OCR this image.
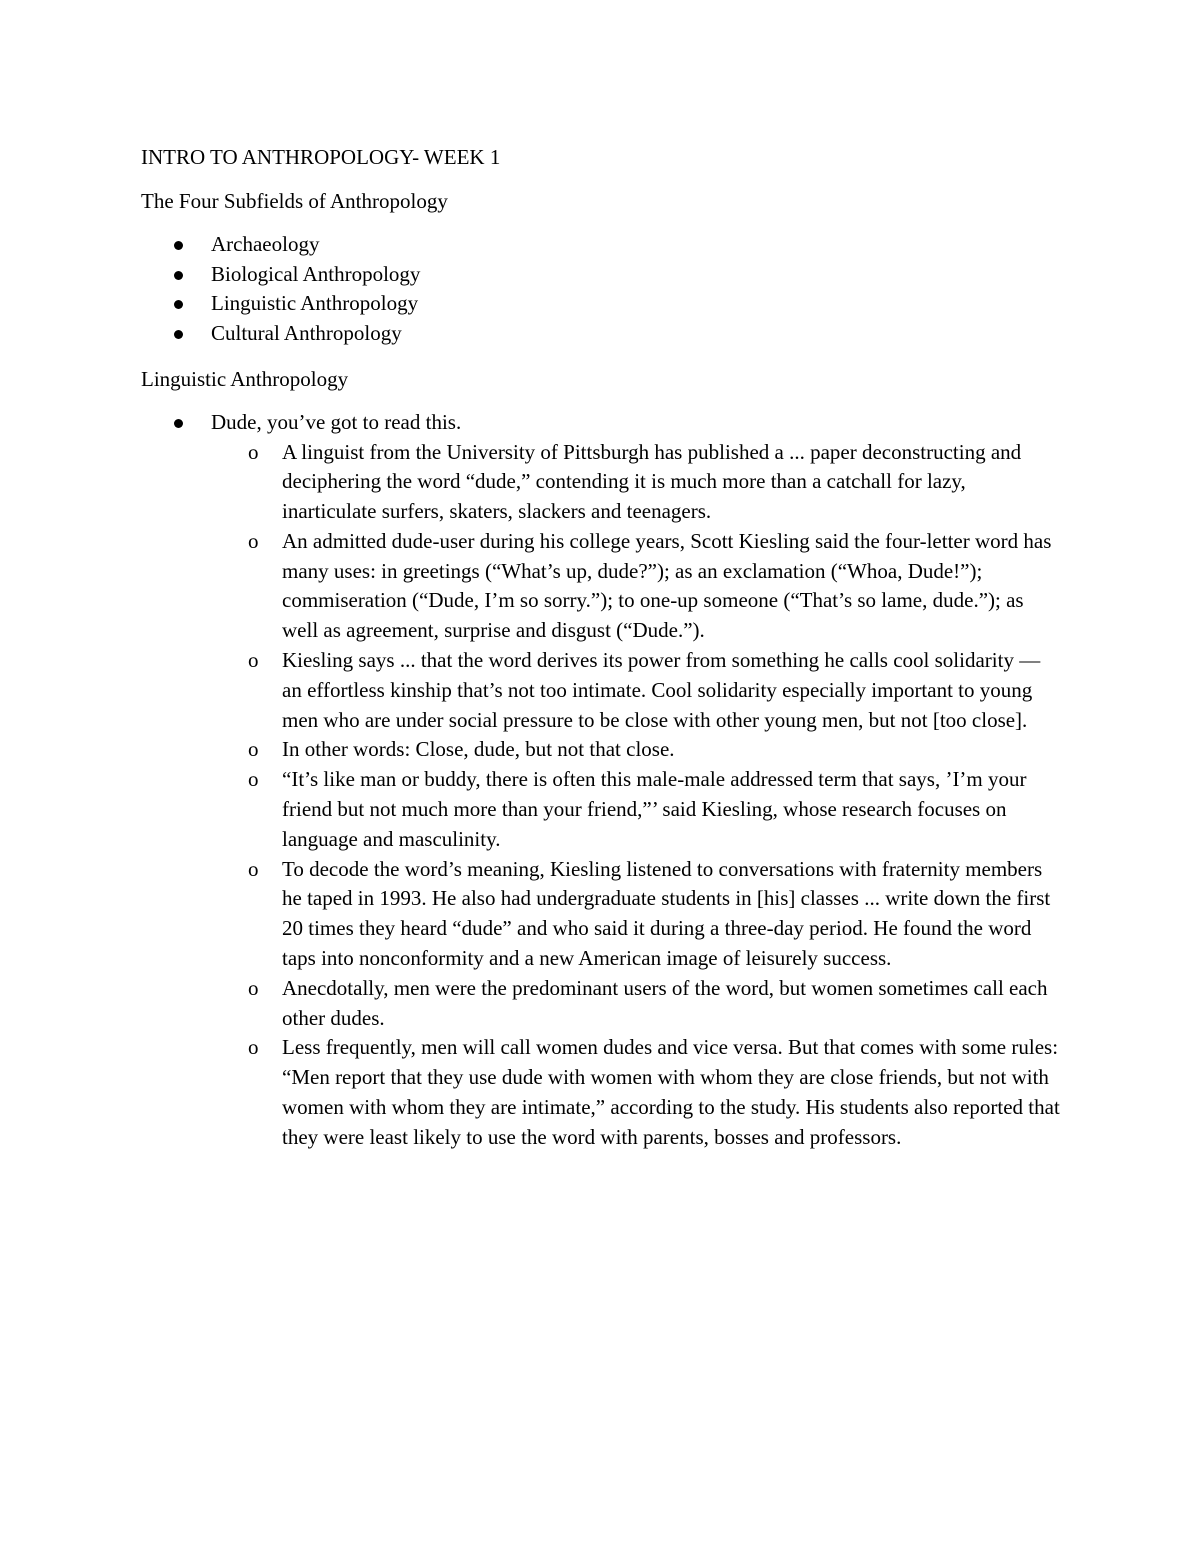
INTRO TO ANTHROPOLOGY- WEEK 1

The Four Subfields of Anthropology

Archaeology
Biological Anthropology
Linguistic Anthropology
Cultural Anthropology

Linguistic Anthropology

Dude, you’ve got to read this.
o A linguist from the University of Pittsburgh has published a ... paper deconstructing and deciphering the word “dude,” contending it is much more than a catchall for lazy, inarticulate surfers, skaters, slackers and teenagers.
o An admitted dude-user during his college years, Scott Kiesling said the four-letter word has many uses: in greetings (“What’s up, dude?”); as an exclamation (“Whoa, Dude!”); commiseration (“Dude, I’m so sorry.”); to one-up someone (“That’s so lame, dude.”); as well as agreement, surprise and disgust (“Dude.”).
o Kiesling says ... that the word derives its power from something he calls cool solidarity — an effortless kinship that’s not too intimate. Cool solidarity especially important to young men who are under social pressure to be close with other young men, but not [too close].
o In other words: Close, dude, but not that close.
o “It’s like man or buddy, there is often this male-male addressed term that says, ’I’m your friend but not much more than your friend,”’ said Kiesling, whose research focuses on language and masculinity.
o To decode the word’s meaning, Kiesling listened to conversations with fraternity members he taped in 1993. He also had undergraduate students in [his] classes ... write down the first 20 times they heard “dude” and who said it during a three-day period. He found the word taps into nonconformity and a new American image of leisurely success.
o Anecdotally, men were the predominant users of the word, but women sometimes call each other dudes.
o Less frequently, men will call women dudes and vice versa. But that comes with some rules: “Men report that they use dude with women with whom they are close friends, but not with women with whom they are intimate,” according to the study. His students also reported that they were least likely to use the word with parents, bosses and professors.
